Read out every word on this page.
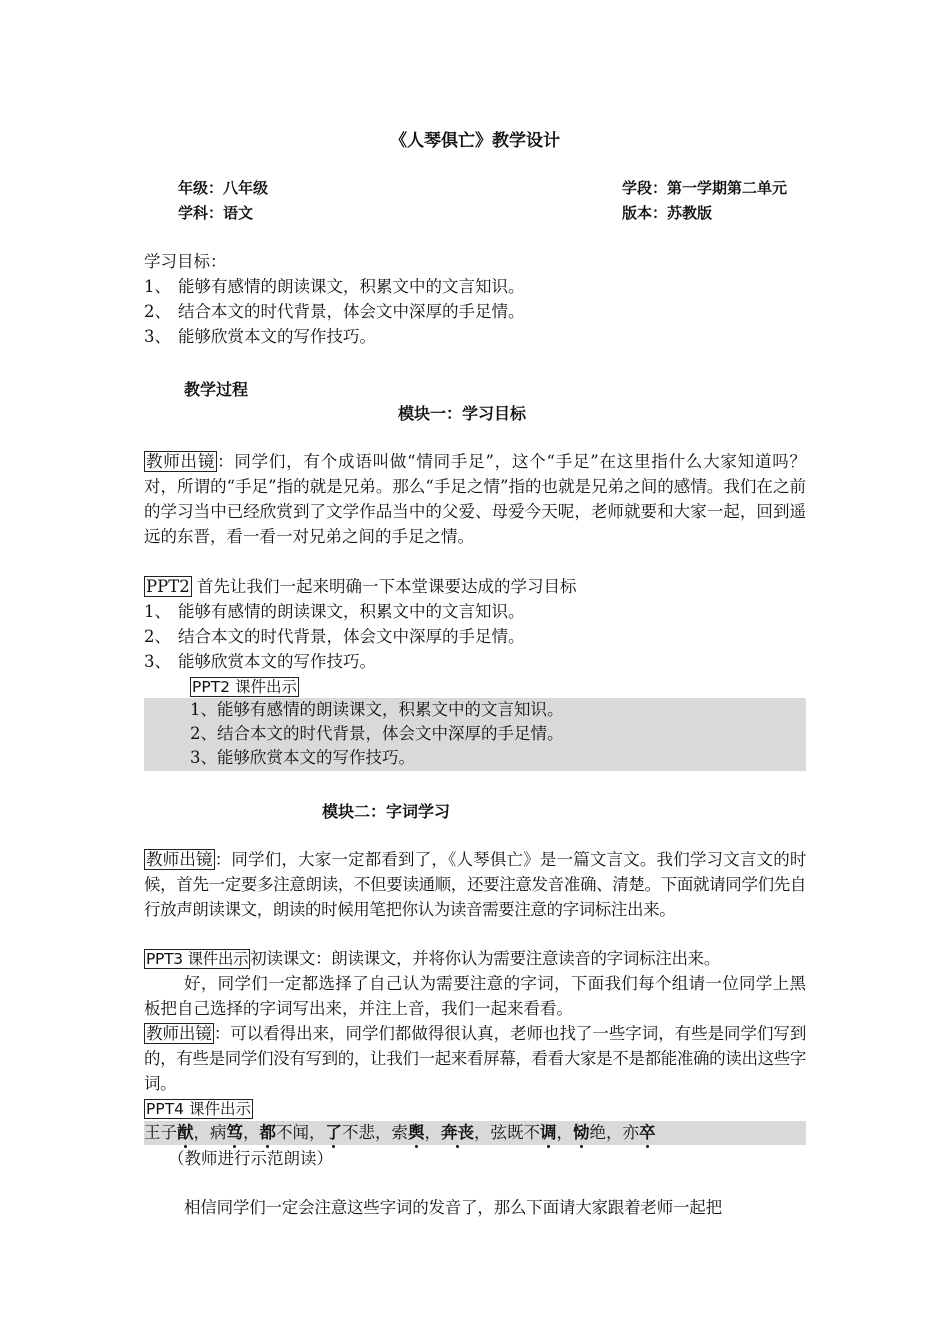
《人琴俱亡》教学设计
年级：八年级	学段：第一学期第二单元
学科：语文	版本：苏教版
学习目标：
1、 能够有感情的朗读课文，积累文中的文言知识。
2、 结合本文的时代背景，体会文中深厚的手足情。
3、 能够欣赏本文的写作技巧。
教学过程
模块一：学习目标
教师出镜 ：同学们，有个成语叫做“情同手足”，这个“手足”在这里指什么大家知道吗？对，所谓的“手足”指的就是兄弟。那么“手足之情”指的也就是兄弟之间的感情。我们在之前的学习当中已经欣赏到了文学作品当中的父爱、母爱今天呢，老师就要和大家一起，回到遥远的东晋，看一看一对兄弟之间的手足之情。
PPT2 首先让我们一起来明确一下本堂课要达成的学习目标
1、 能够有感情的朗读课文，积累文中的文言知识。
2、 结合本文的时代背景，体会文中深厚的手足情。
3、 能够欣赏本文的写作技巧。
PPT2 课件出示
1、能够有感情的朗读课文，积累文中的文言知识。
2、结合本文的时代背景，体会文中深厚的手足情。
3、能够欣赏本文的写作技巧。
模块二：字词学习
教师出镜 ：同学们，大家一定都看到了，《人琴俱亡》是一篇文言文。我们学习文言文的时候，首先一定要多注意朗读，不但要读通顺，还要注意发音准确、清楚。下面就请同学们先自行放声朗读课文，朗读的时候用笔把你认为读音需要注意的字词标注出来。
PPT3 课件出示 初读课文：朗读课文，并将你认为需要注意读音的字词标注出来。
好，同学们一定都选择了自己认为需要注意的字词，下面我们每个组请一位同学上黑板把自己选择的字词写出来，并注上音，我们一起来看看。
教师出镜 ：可以看得出来，同学们都做得很认真，老师也找了一些字词，有些是同学们写到的，有些是同学们没有写到的，让我们一起来看屏幕，看看大家是不是都能准确的读出这些字词。
PPT4 课件出示
王子猷，病笃，都不闻，了不悲，索舆，奔丧，弦既不调，恸绝，亦卒
（教师进行示范朗读）
相信同学们一定会注意这些字词的发音了，那么下面请大家跟着老师一起把
